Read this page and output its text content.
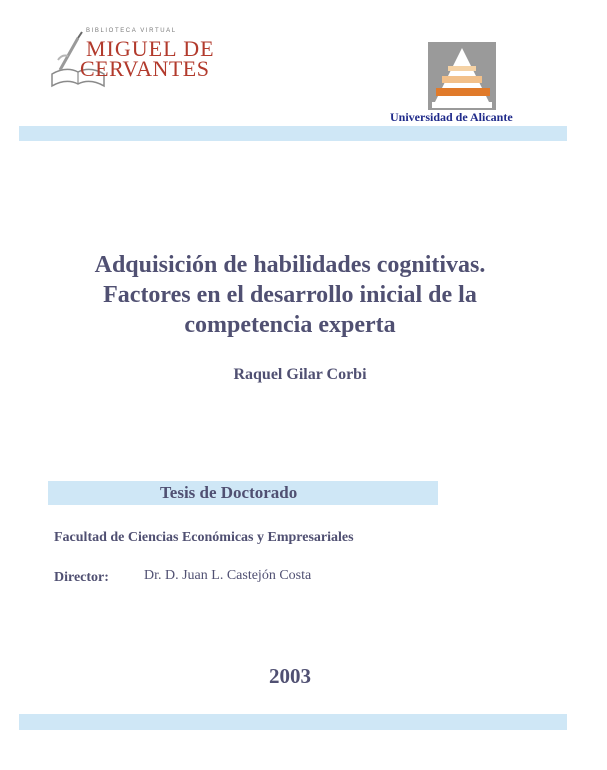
BIBLIOTECA VIRTUAL
MIGUEL DE
CERVANTES
Universidad de Alicante
Adquisición de habilidades cognitivas.
Factores en el desarrollo inicial de la
competencia experta
Raquel Gilar Corbi
Tesis de Doctorado
Facultad de Ciencias Económicas y Empresariales
Director:	Dr. D. Juan L. Castejón Costa
2003
